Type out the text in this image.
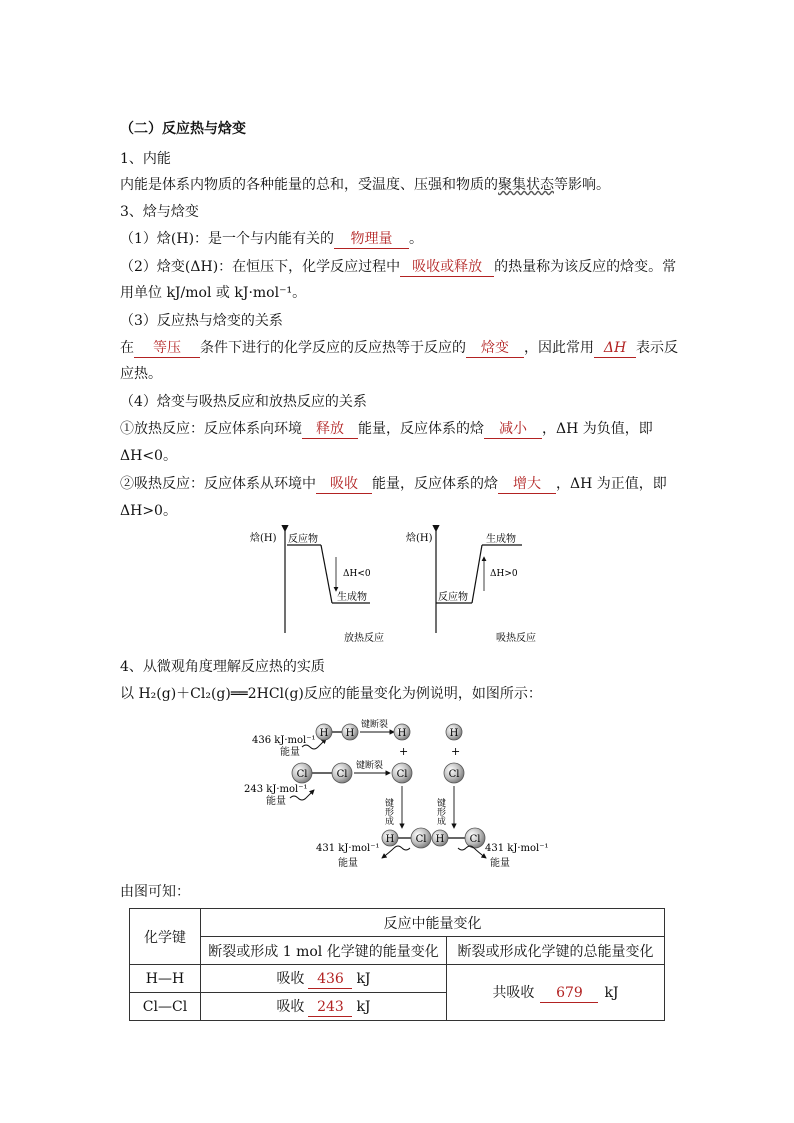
（二）反应热与焓变
1、内能
内能是体系内物质的各种能量的总和，受温度、压强和物质的聚集状态等影响。
3、焓与焓变
（1）焓(H)：是一个与内能有关的 物理量 。
（2）焓变(ΔH)：在恒压下，化学反应过程中 吸收或释放 的热量称为该反应的焓变。常
用单位 kJ/mol 或 kJ·mol⁻¹。
（3）反应热与焓变的关系
在 等压 条件下进行的化学反应的反应热等于反应的 焓变 ，因此常用 ΔH 表示反
应热。
（4）焓变与吸热反应和放热反应的关系
①放热反应：反应体系向环境 释放 能量，反应体系的焓 减小 ，ΔH 为负值，即
ΔH<0。
②吸热反应：反应体系从环境中 吸收 能量，反应体系的焓 增大 ，ΔH 为正值，即
ΔH>0。
4、从微观角度理解反应热的实质
以 H₂(g)＋Cl₂(g)══2HCl(g)反应的能量变化为例说明，如图所示：
由图可知：
焓(H) 反应物
生成物
ΔH<0
放热反应
焓(H)	生成物
反应物
ΔH>0
吸热反应
436 kJ·mol⁻¹
能量
H H
键断裂
H	H
+	+
Cl	Cl
键断裂
Cl	Cl
243 kJ·mol⁻¹
能量	键形成	键形成
H Cl H	Cl
431 kJ·mol⁻¹
能量
431 kJ·mol⁻¹
能量
化学键	反应中能量变化	
	断裂或形成 1 mol 化学键的能量变化	断裂或形成化学键的总能量变化
H—H	吸收 436 kJ	共吸收 679 kJ
Cl—Cl	吸收 243 kJ	
